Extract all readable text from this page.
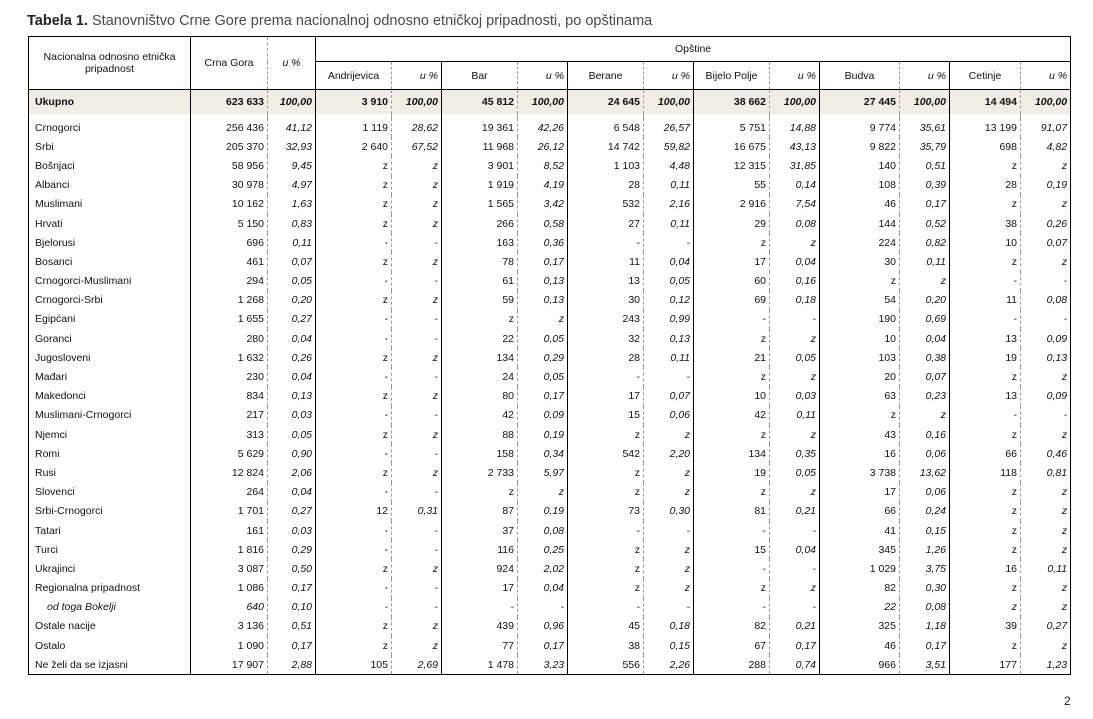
Tabela 1. Stanovništvo Crne Gore prema nacionalnoj odnosno etničkoj pripadnosti, po opštinama
Nacionalna odnosno etnička pripadnost	Crna Gora	u %	Opštine											
			Andrijevica	u %	Bar	u %	Berane	u %	Bijelo Polje	u %	Budva	u %	Cetinje	u %
Ukupno	623 633	100,00	3 910	100,00	45 812	100,00	24 645	100,00	38 662	100,00	27 445	100,00	14 494	100,00

Crnogorci	256 436	41,12	1 119	28,62	19 361	42,26	6 548	26,57	5 751	14,88	9 774	35,61	13 199	91,07
Srbi	205 370	32,93	2 640	67,52	11 968	26,12	14 742	59,82	16 675	43,13	9 822	35,79	698	4,82
Bošnjaci	58 956	9,45	z	z	3 901	8,52	1 103	4,48	12 315	31,85	140	0,51	z	z
Albanci	30 978	4,97	z	z	1 919	4,19	28	0,11	55	0,14	108	0,39	28	0,19
Muslimani	10 162	1,63	z	z	1 565	3,42	532	2,16	2 916	7,54	46	0,17	z	z
Hrvati	5 150	0,83	z	z	266	0,58	27	0,11	29	0,08	144	0,52	38	0,26
Bjelorusi	696	0,11	-	-	163	0,36	-	-	z	z	224	0,82	10	0,07
Bosanci	461	0,07	z	z	78	0,17	11	0,04	17	0,04	30	0,11	z	z
Crnogorci-Muslimani	294	0,05	-	-	61	0,13	13	0,05	60	0,16	z	z	-	-
Crnogorci-Srbi	1 268	0,20	z	z	59	0,13	30	0,12	69	0,18	54	0,20	11	0,08
Egipćani	1 655	0,27	-	-	z	z	243	0,99	-	-	190	0,69	-	-
Goranci	280	0,04	-	-	22	0,05	32	0,13	z	z	10	0,04	13	0,09
Jugosloveni	1 632	0,26	z	z	134	0,29	28	0,11	21	0,05	103	0,38	19	0,13
Mađari	230	0,04	-	-	24	0,05	-	-	z	z	20	0,07	z	z
Makedonci	834	0,13	z	z	80	0,17	17	0,07	10	0,03	63	0,23	13	0,09
Muslimani-Crnogorci	217	0,03	-	-	42	0,09	15	0,06	42	0,11	z	z	-	-
Njemci	313	0,05	z	z	88	0,19	z	z	z	z	43	0,16	z	z
Romi	5 629	0,90	-	-	158	0,34	542	2,20	134	0,35	16	0,06	66	0,46
Rusi	12 824	2,06	z	z	2 733	5,97	z	z	19	0,05	3 738	13,62	118	0,81
Slovenci	264	0,04	-	-	z	z	z	z	z	z	17	0,06	z	z
Srbi-Crnogorci	1 701	0,27	12	0,31	87	0,19	73	0,30	81	0,21	66	0,24	z	z
Tatari	161	0,03	-	-	37	0,08	-	-	-	-	41	0,15	z	z
Turci	1 816	0,29	-	-	116	0,25	z	z	15	0,04	345	1,26	z	z
Ukrajinci	3 087	0,50	z	z	924	2,02	z	z	-	-	1 029	3,75	16	0,11
Regionalna pripadnost	1 086	0,17	-	-	17	0,04	z	z	z	z	82	0,30	z	z
od toga Bokelji	640	0,10	-	-	-	-	-	-	-	-	22	0,08	z	z
Ostale nacije	3 136	0,51	z	z	439	0,96	45	0,18	82	0,21	325	1,18	39	0,27
Ostalo	1 090	0,17	z	z	77	0,17	38	0,15	67	0,17	46	0,17	z	z
Ne želi da se izjasni	17 907	2,88	105	2,69	1 478	3,23	556	2,26	288	0,74	966	3,51	177	1,23
2
